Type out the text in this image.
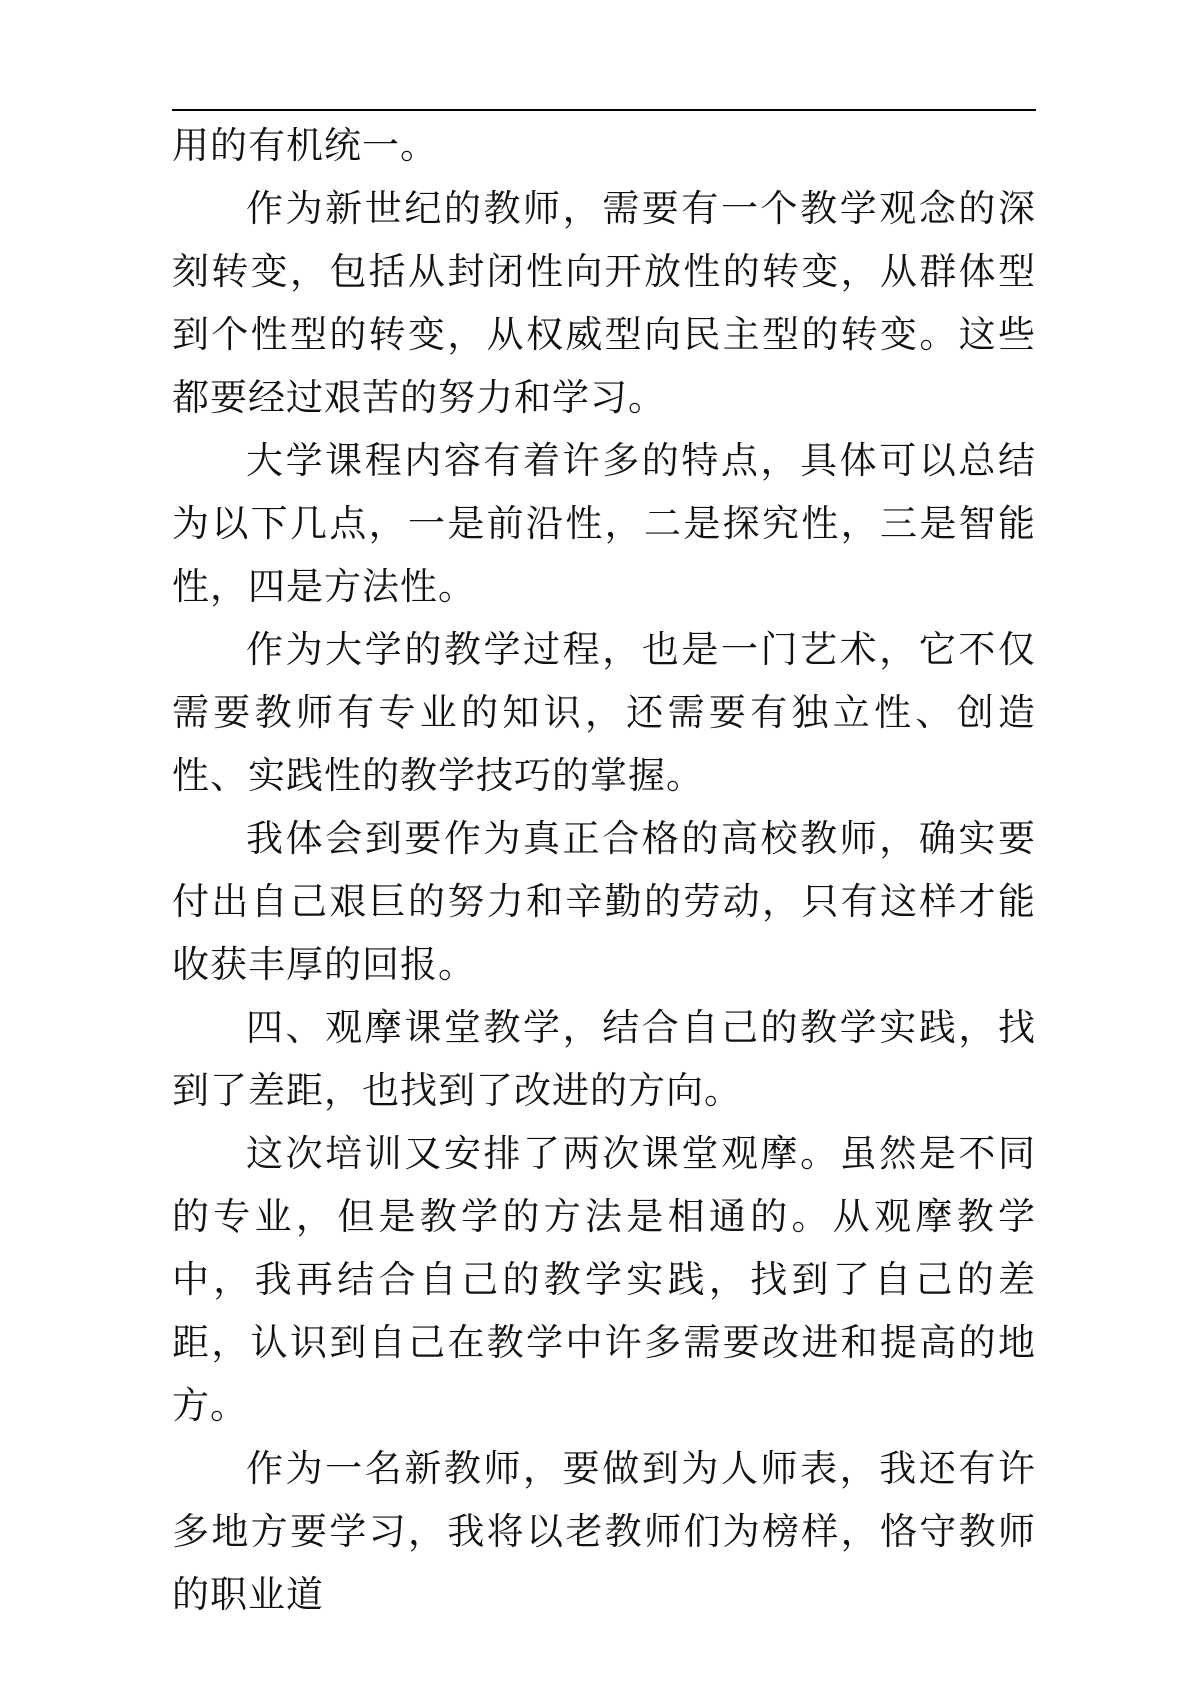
用的有机统一。

作为新世纪的教师，需要有一个教学观念的深刻转变，包括从封闭性向开放性的转变，从群体型到个性型的转变，从权威型向民主型的转变。这些都要经过艰苦的努力和学习。

大学课程内容有着许多的特点，具体可以总结为以下几点，一是前沿性，二是探究性，三是智能性，四是方法性。

作为大学的教学过程，也是一门艺术，它不仅需要教师有专业的知识，还需要有独立性、创造性、实践性的教学技巧的掌握。

我体会到要作为真正合格的高校教师，确实要付出自己艰巨的努力和辛勤的劳动，只有这样才能收获丰厚的回报。

四、观摩课堂教学，结合自己的教学实践，找到了差距，也找到了改进的方向。

这次培训又安排了两次课堂观摩。虽然是不同的专业，但是教学的方法是相通的。从观摩教学中，我再结合自己的教学实践，找到了自己的差距，认识到自己在教学中许多需要改进和提高的地方。

作为一名新教师，要做到为人师表，我还有许多地方要学习，我将以老教师们为榜样，恪守教师的职业道
